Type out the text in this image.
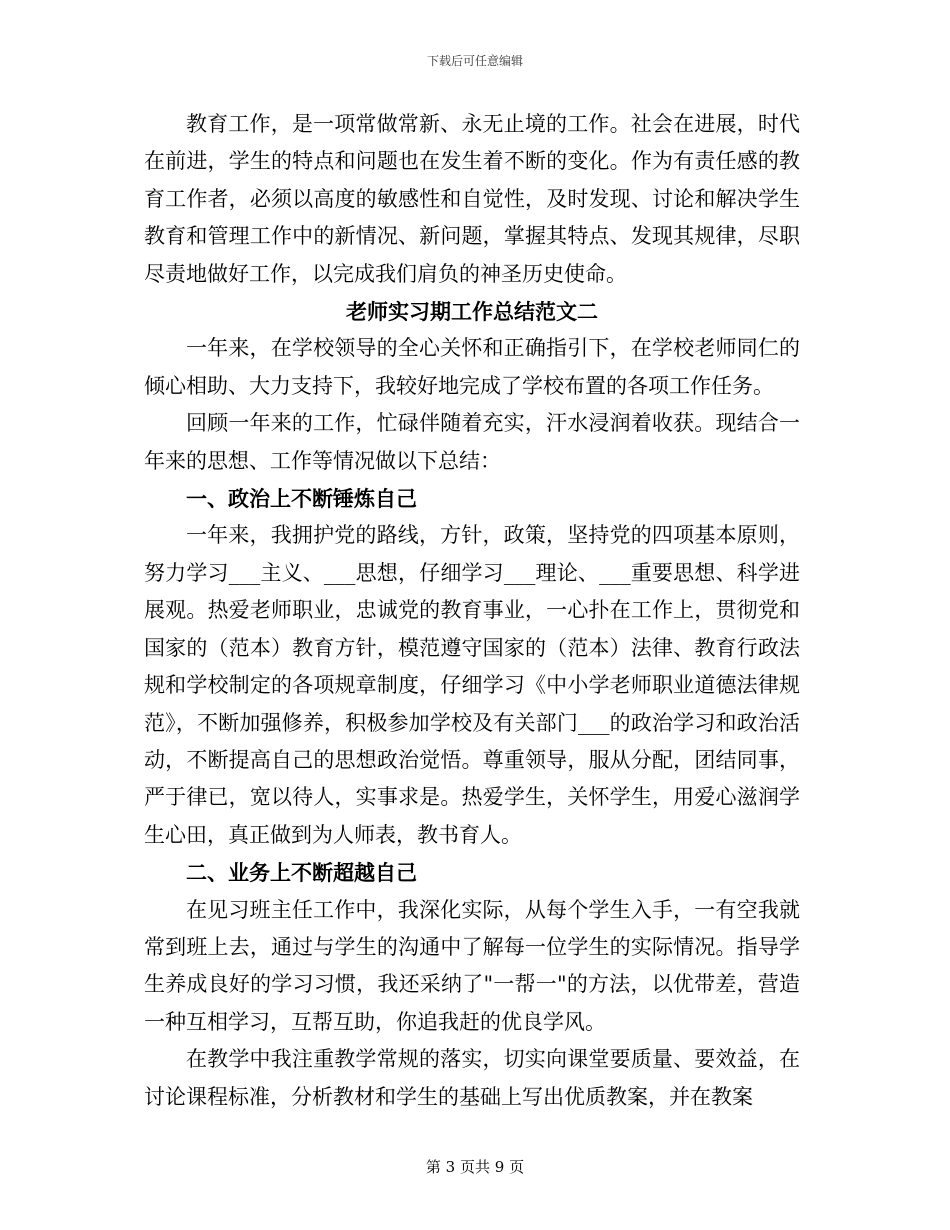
下载后可任意编辑

教育工作，是一项常做常新、永无止境的工作。社会在进展，时代在前进，学生的特点和问题也在发生着不断的变化。作为有责任感的教育工作者，必须以高度的敏感性和自觉性，及时发现、讨论和解决学生教育和管理工作中的新情况、新问题，掌握其特点、发现其规律，尽职尽责地做好工作，以完成我们肩负的神圣历史使命。

老师实习期工作总结范文二

一年来，在学校领导的全心关怀和正确指引下，在学校老师同仁的倾心相助、大力支持下，我较好地完成了学校布置的各项工作任务。

回顾一年来的工作，忙碌伴随着充实，汗水浸润着收获。现结合一年来的思想、工作等情况做以下总结：

一、政治上不断锤炼自己

一年来，我拥护党的路线，方针，政策，坚持党的四项基本原则，努力学习___主义、___思想，仔细学习___理论、___重要思想、科学进展观。热爱老师职业，忠诚党的教育事业，一心扑在工作上，贯彻党和国家的（范本）教育方针，模范遵守国家的（范本）法律、教育行政法规和学校制定的各项规章制度，仔细学习《中小学老师职业道德法律规范》，不断加强修养，积极参加学校及有关部门___的政治学习和政治活动，不断提高自己的思想政治觉悟。尊重领导，服从分配，团结同事，严于律已，宽以待人，实事求是。热爱学生，关怀学生，用爱心滋润学生心田，真正做到为人师表，教书育人。

二、业务上不断超越自己

在见习班主任工作中，我深化实际，从每个学生入手，一有空我就常到班上去，通过与学生的沟通中了解每一位学生的实际情况。指导学生养成良好的学习习惯，我还采纳了"一帮一"的方法，以优带差，营造一种互相学习，互帮互助，你追我赶的优良学风。

在教学中我注重教学常规的落实，切实向课堂要质量、要效益，在讨论课程标准，分析教材和学生的基础上写出优质教案，并在教案

第 3 页共 9 页
